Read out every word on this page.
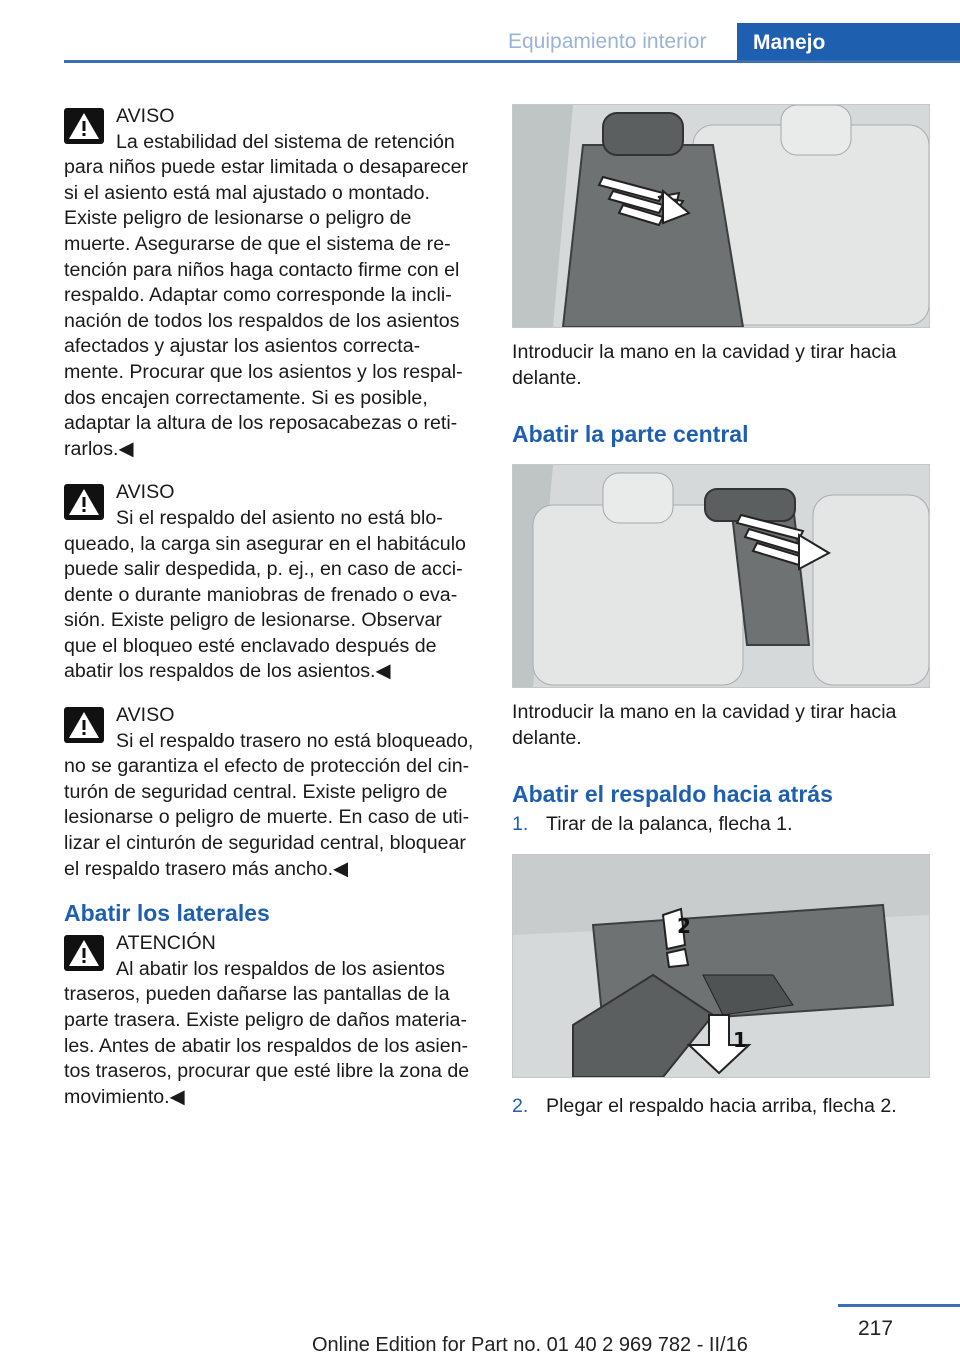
Equipamiento interior	Manejo
AVISO
La estabilidad del sistema de retención
para niños puede estar limitada o desaparecer si el asiento está mal ajustado o montado. Existe peligro de lesionarse o peligro de muerte. Asegurarse de que el sistema de re‐tención para niños haga contacto firme con el respaldo. Adaptar como corresponde la incli‐nación de todos los respaldos de los asientos afectados y ajustar los asientos correcta‐mente. Procurar que los asientos y los respal‐dos encajen correctamente. Si es posible, adaptar la altura de los reposacabezas o reti‐rarlos.◀
AVISO
Si el respaldo del asiento no está blo‐
queado, la carga sin asegurar en el habitáculo puede salir despedida, p. ej., en caso de acci‐dente o durante maniobras de frenado o eva‐sión. Existe peligro de lesionarse. Observar que el bloqueo esté enclavado después de abatir los respaldos de los asientos.◀
AVISO
Si el respaldo trasero no está bloqueado,
no se garantiza el efecto de protección del cin‐turón de seguridad central. Existe peligro de lesionarse o peligro de muerte. En caso de uti‐lizar el cinturón de seguridad central, bloquear el respaldo trasero más ancho.◀
Abatir los laterales
ATENCIÓN
Al abatir los respaldos de los asientos
traseros, pueden dañarse las pantallas de la parte trasera. Existe peligro de daños materia‐les. Antes de abatir los respaldos de los asien‐tos traseros, procurar que esté libre la zona de movimiento.◀

Introducir la mano en la cavidad y tirar hacia delante.

Abatir la parte central

Introducir la mano en la cavidad y tirar hacia delante.

Abatir el respaldo hacia atrás
1. Tirar de la palanca, flecha 1.
2
1
2. Plegar el respaldo hacia arriba, flecha 2.
217
Online Edition for Part no. 01 40 2 969 782 - II/16
